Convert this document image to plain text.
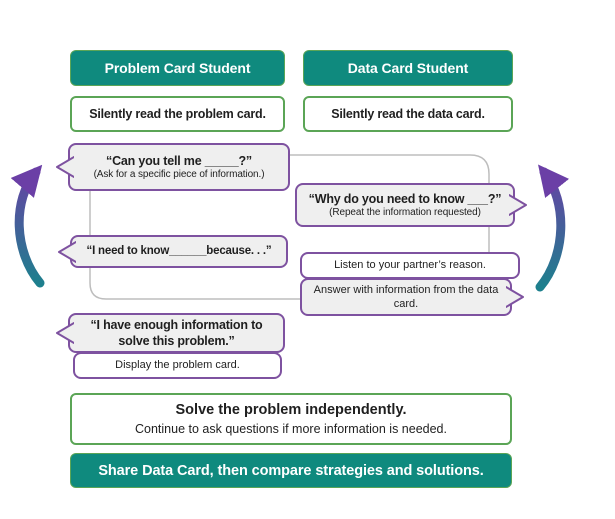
Problem Card Student	Data Card Student
Silently read the problem card.	Silently read the data card.
“Can you tell me _____?”
(Ask for a specific piece of information.)
“Why do you need to know ___?”
(Repeat the information requested)
“I need to know______because. . .”
Listen to your partner’s reason.
Answer with information from the data card.
“I have enough information to solve this problem.”
Display the problem card.
Solve the problem independently.
Continue to ask questions if more information is needed.
Share Data Card, then compare strategies and solutions.
